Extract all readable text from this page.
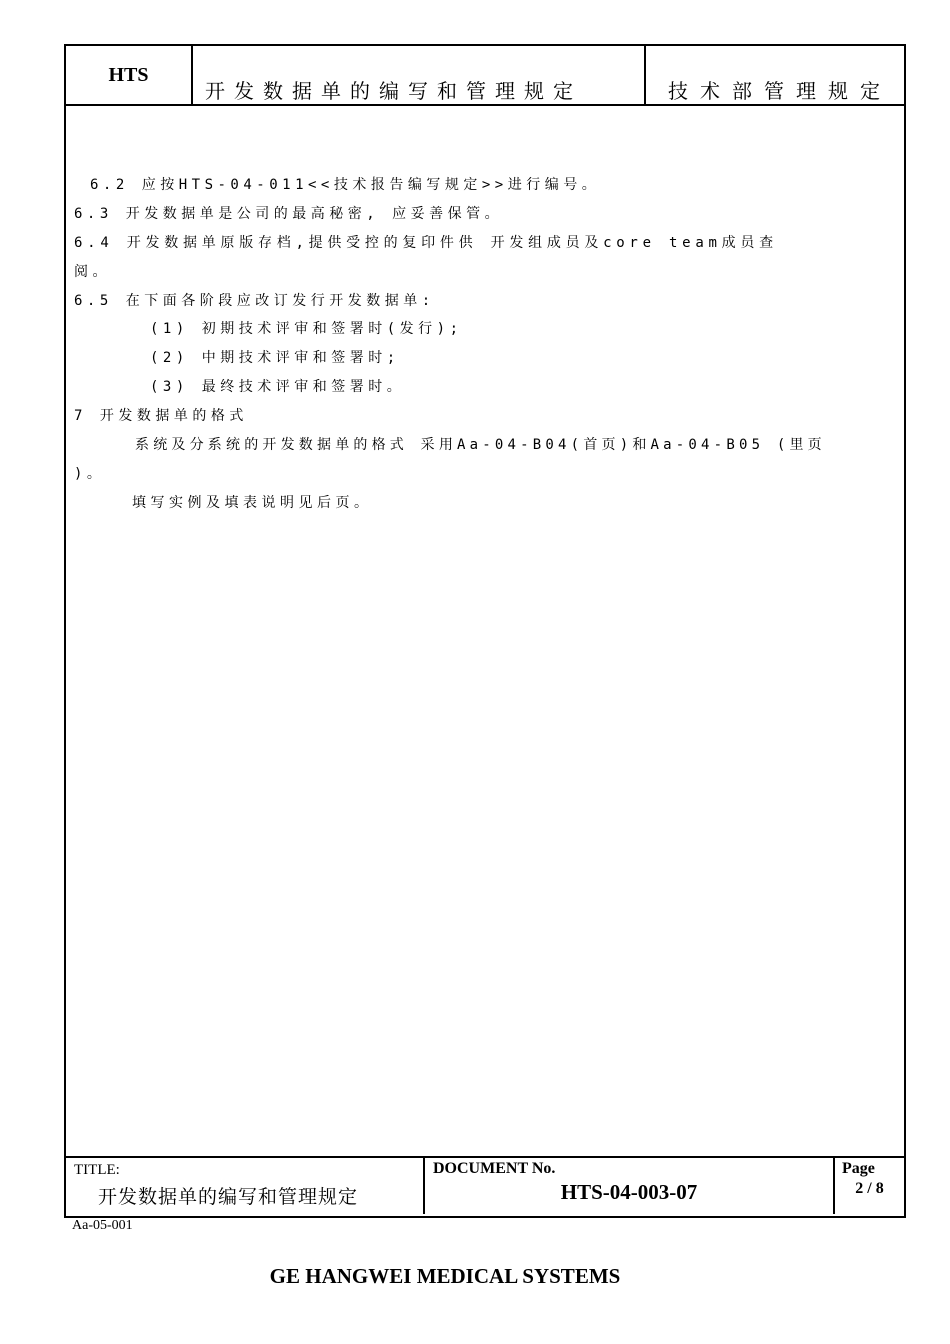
HTS
开发数据单的编写和管理规定	技术部管理规定
6.2 应按HTS-04-011<<技术报告编写规定>>进行编号。
6.3 开发数据单是公司的最高秘密, 应妥善保管。
6.4 开发数据单原版存档,提供受控的复印件供 开发组成员及core team成员查
阅。
6.5 在下面各阶段应改订发行开发数据单:
(1) 初期技术评审和签署时(发行);
(2) 中期技术评审和签署时;
(3) 最终技术评审和签署时。
7 开发数据单的格式
系统及分系统的开发数据单的格式 采用Aa-04-B04(首页)和Aa-04-B05 (里页
)。
填写实例及填表说明见后页。
TITLE:
开发数据单的编写和管理规定
DOCUMENT No.
HTS-04-003-07
Page
2 / 8
Aa-05-001
GE HANGWEI MEDICAL SYSTEMS
